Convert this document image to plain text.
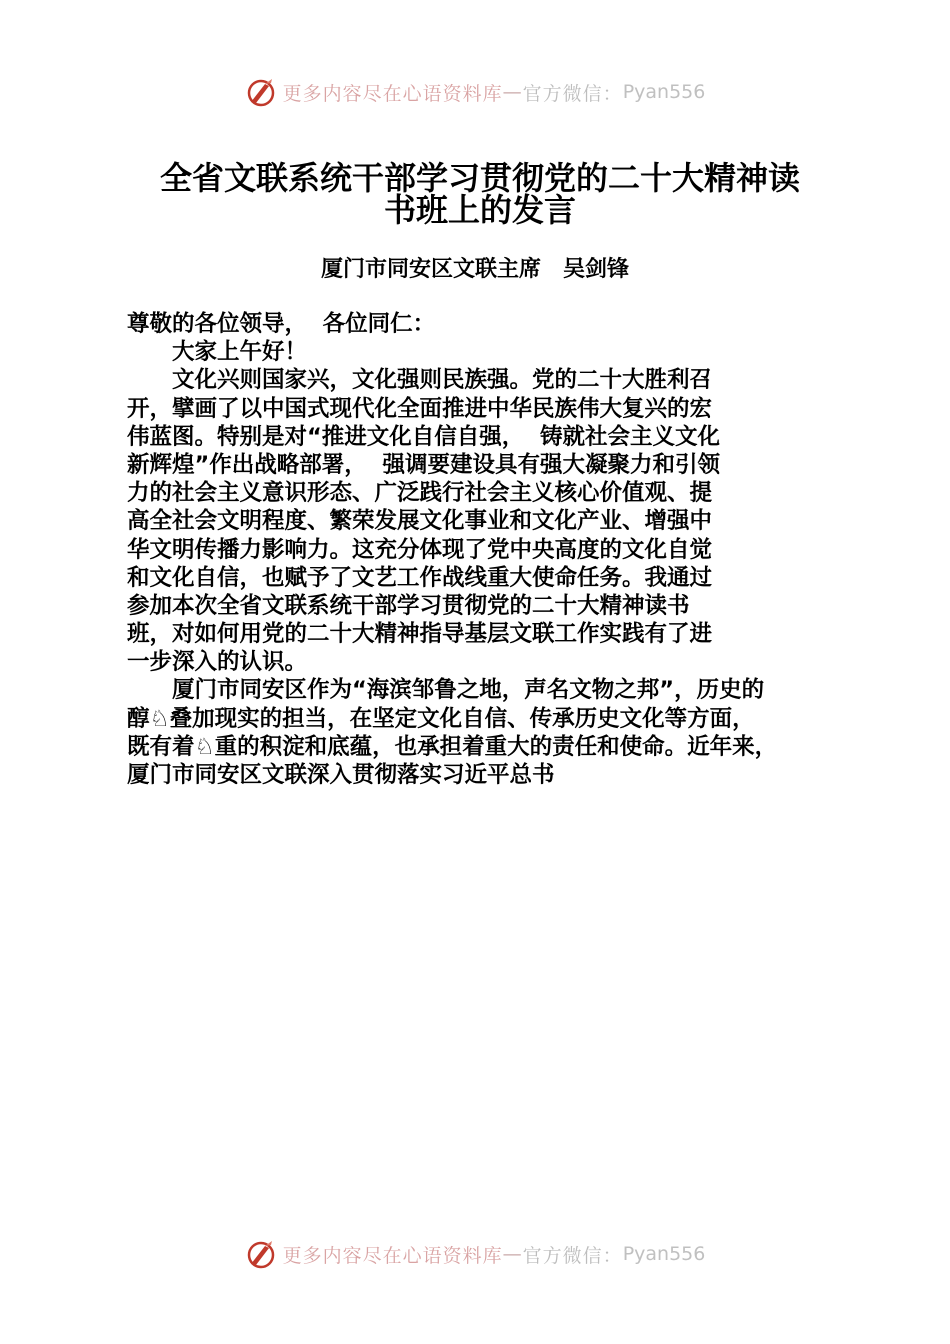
更多内容尽在心语资料库 — 官方微信： Pyan556
全省文联系统干部学习贯彻党的二十大精神读
书班上的发言
厦门市同安区文联主席　吴剑锋
尊敬的各位领导，  各位同仁：
　　大家上午好！
　　文化兴则国家兴，文化强则民族强。党的二十大胜利召
开，擘画了以中国式现代化全面推进中华民族伟大复兴的宏
伟蓝图。特别是对“推进文化自信自强，  铸就社会主义文化
新辉煌”作出战略部署，  强调要建设具有强大凝聚力和引领
力的社会主义意识形态、广泛践行社会主义核心价值观、提
高全社会文明程度、繁荣发展文化事业和文化产业、增强中
华文明传播力影响力。这充分体现了党中央高度的文化自觉
和文化自信，也赋予了文艺工作战线重大使命任务。我通过
参加本次全省文联系统干部学习贯彻党的二十大精神读书
班，对如何用党的二十大精神指导基层文联工作实践有了进
一步深入的认识。
　　厦门市同安区作为“海滨邹鲁之地，声名文物之邦”，历史的
醇♘叠加现实的担当，在坚定文化自信、传承历史文化等方面，
既有着♘重的积淀和底蕴，也承担着重大的责任和使命。近年来，
厦门市同安区文联深入贯彻落实习近平总书
更多内容尽在心语资料库 — 官方微信： Pyan556
